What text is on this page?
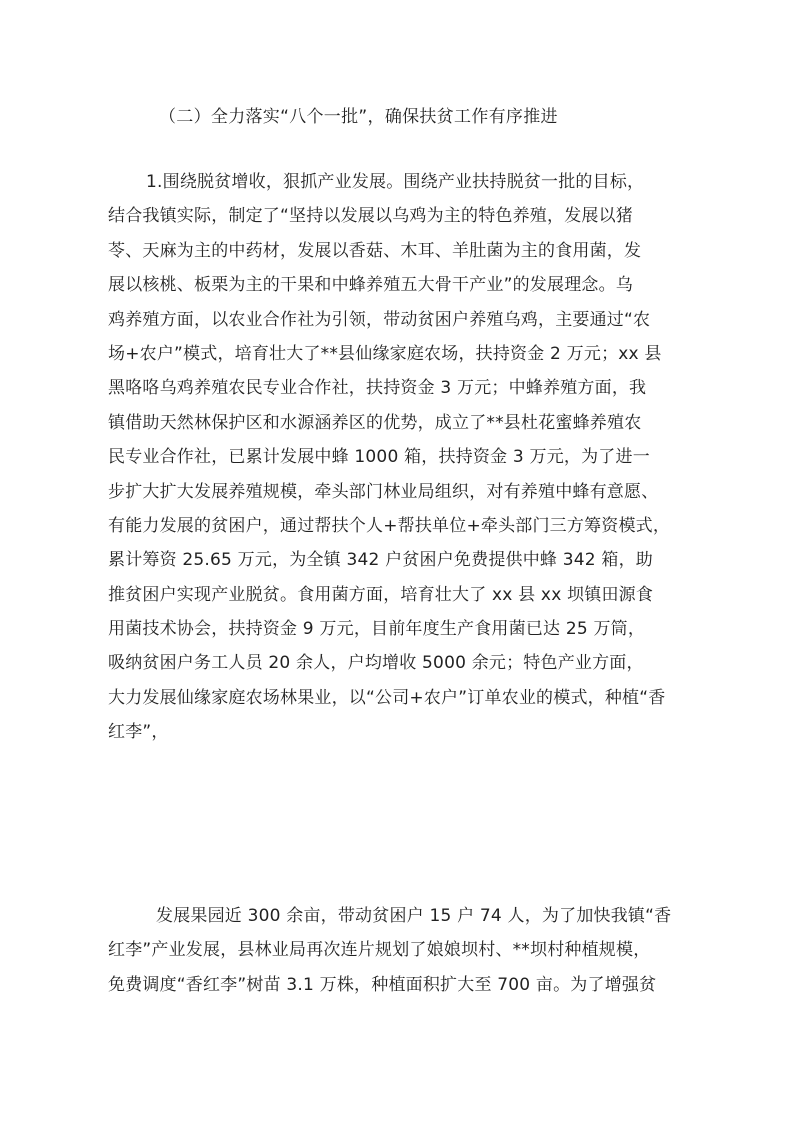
（二）全力落实“八个一批”，确保扶贫工作有序推进
1.围绕脱贫增收，狠抓产业发展。围绕产业扶持脱贫一批的目标，
结合我镇实际，制定了“坚持以发展以乌鸡为主的特色养殖，发展以猪
苓、天麻为主的中药材，发展以香菇、木耳、羊肚菌为主的食用菌，发
展以核桃、板栗为主的干果和中蜂养殖五大骨干产业”的发展理念。乌
鸡养殖方面，以农业合作社为引领，带动贫困户养殖乌鸡，主要通过“农
场+农户”模式，培育壮大了**县仙缘家庭农场，扶持资金 2 万元；xx 县
黑咯咯乌鸡养殖农民专业合作社，扶持资金 3 万元；中蜂养殖方面，我
镇借助天然林保护区和水源涵养区的优势，成立了**县杜花蜜蜂养殖农
民专业合作社，已累计发展中蜂 1000 箱，扶持资金 3 万元，为了进一
步扩大扩大发展养殖规模，牵头部门林业局组织，对有养殖中蜂有意愿、
有能力发展的贫困户，通过帮扶个人+帮扶单位+牵头部门三方筹资模式，
累计筹资 25.65 万元，为全镇 342 户贫困户免费提供中蜂 342 箱，助
推贫困户实现产业脱贫。食用菌方面，培育壮大了 xx 县 xx 坝镇田源食
用菌技术协会，扶持资金 9 万元，目前年度生产食用菌已达 25 万筒，
吸纳贫困户务工人员 20 余人，户均增收 5000 余元；特色产业方面，
大力发展仙缘家庭农场林果业，以“公司+农户”订单农业的模式，种植“香
红李”，
发展果园近 300 余亩，带动贫困户 15 户 74 人，为了加快我镇“香
红李”产业发展，县林业局再次连片规划了娘娘坝村、**坝村种植规模，
免费调度“香红李”树苗 3.1 万株，种植面积扩大至 700 亩。为了增强贫
